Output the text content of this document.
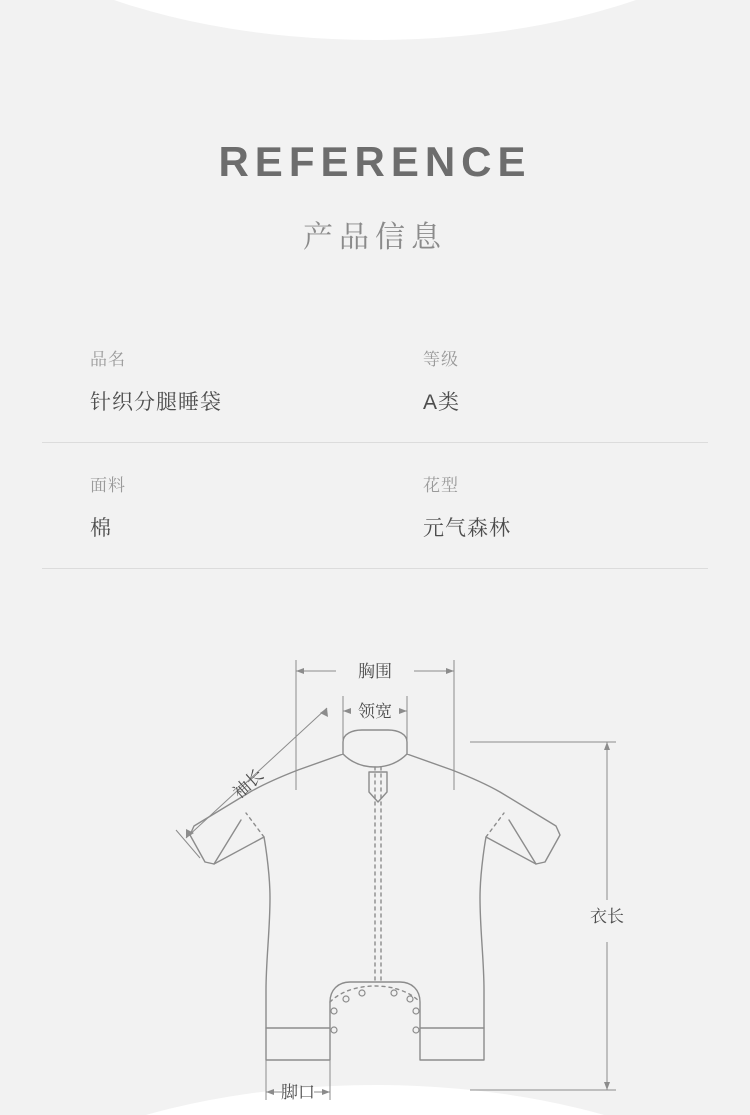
REFERENCE
产品信息
品名
针织分腿睡袋
等级
A类
面料
棉
花型
元气森林
胸围
领宽
袖长
衣长
脚口
